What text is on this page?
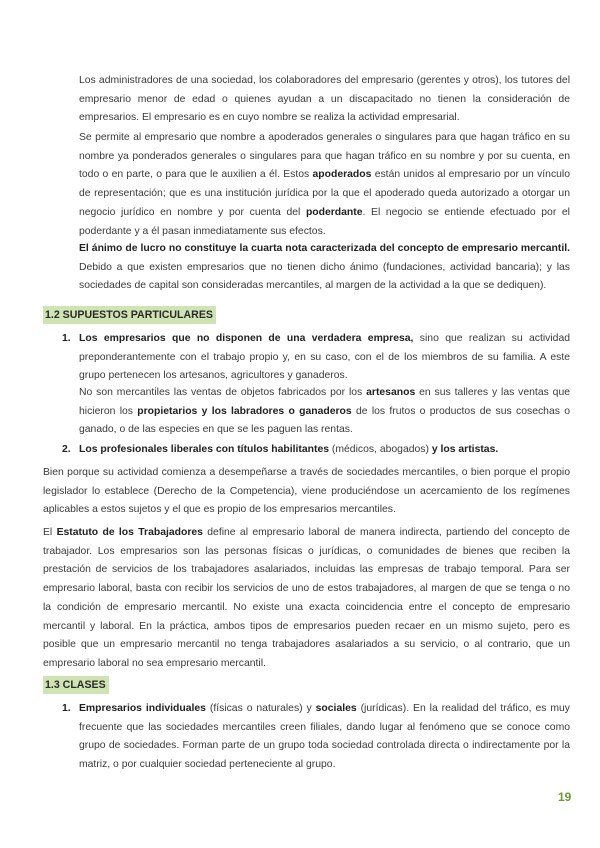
Los administradores de una sociedad, los colaboradores del empresario (gerentes y otros), los tutores del empresario menor de edad o quienes ayudan a un discapacitado no tienen la consideración de empresarios. El empresario es en cuyo nombre se realiza la actividad empresarial.

Se permite al empresario que nombre a apoderados generales o singulares para que hagan tráfico en su nombre ya ponderados generales o singulares para que hagan tráfico en su nombre y por su cuenta, en todo o en parte, o para que le auxilien a él. Estos apoderados están unidos al empresario por un vínculo de representación; que es una institución jurídica por la que el apoderado queda autorizado a otorgar un negocio jurídico en nombre y por cuenta del poderdante. El negocio se entiende efectuado por el poderdante y a él pasan inmediatamente sus efectos.

El ánimo de lucro no constituye la cuarta nota caracterizada del concepto de empresario mercantil. Debido a que existen empresarios que no tienen dicho ánimo (fundaciones, actividad bancaria); y las sociedades de capital son consideradas mercantiles, al margen de la actividad a la que se dediquen).

1.2 SUPUESTOS PARTICULARES
1. Los empresarios que no disponen de una verdadera empresa, sino que realizan su actividad preponderantemente con el trabajo propio y, en su caso, con el de los miembros de su familia. A este grupo pertenecen los artesanos, agricultores y ganaderos.

No son mercantiles las ventas de objetos fabricados por los artesanos en sus talleres y las ventas que hicieron los propietarios y los labradores o ganaderos de los frutos o productos de sus cosechas o ganado, o de las especies en que se les paguen las rentas.

2. Los profesionales liberales con títulos habilitantes (médicos, abogados) y los artistas.

Bien porque su actividad comienza a desempeñarse a través de sociedades mercantiles, o bien porque el propio legislador lo establece (Derecho de la Competencia), viene produciéndose un acercamiento de los regímenes aplicables a estos sujetos y el que es propio de los empresarios mercantiles.

El Estatuto de los Trabajadores define al empresario laboral de manera indirecta, partiendo del concepto de trabajador. Los empresarios son las personas físicas o jurídicas, o comunidades de bienes que reciben la prestación de servicios de los trabajadores asalariados, incluidas las empresas de trabajo temporal. Para ser empresario laboral, basta con recibir los servicios de uno de estos trabajadores, al margen de que se tenga o no la condición de empresario mercantil. No existe una exacta coincidencia entre el concepto de empresario mercantil y laboral. En la práctica, ambos tipos de empresarios pueden recaer en un mismo sujeto, pero es posible que un empresario mercantil no tenga trabajadores asalariados a su servicio, o al contrario, que un empresario laboral no sea empresario mercantil.

1.3 CLASES
1. Empresarios individuales (físicas o naturales) y sociales (jurídicas). En la realidad del tráfico, es muy frecuente que las sociedades mercantiles creen filiales, dando lugar al fenómeno que se conoce como grupo de sociedades. Forman parte de un grupo toda sociedad controlada directa o indirectamente por la matriz, o por cualquier sociedad perteneciente al grupo.

19
